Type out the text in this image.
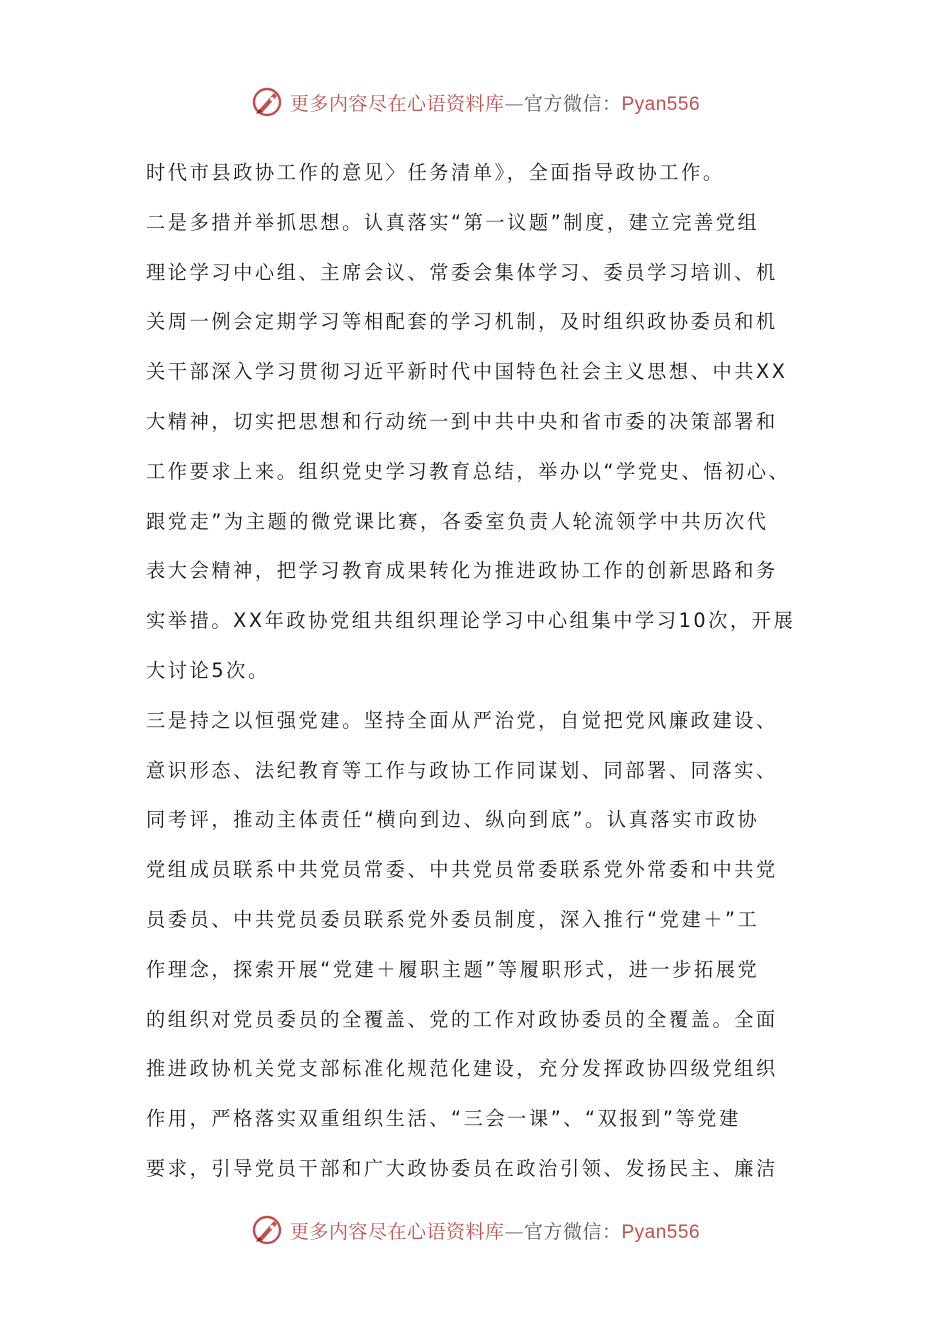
更多内容尽在心语资料库—官方微信：Pyan556
时代市县政协工作的意见〉任务清单》，全面指导政协工作。
二是多措并举抓思想。认真落实“第一议题”制度，建立完善党组
理论学习中心组、主席会议、常委会集体学习、委员学习培训、机
关周一例会定期学习等相配套的学习机制，及时组织政协委员和机
关干部深入学习贯彻习近平新时代中国特色社会主义思想、中共XX
大精神，切实把思想和行动统一到中共中央和省市委的决策部署和
工作要求上来。组织党史学习教育总结，举办以“学党史、悟初心、
跟党走”为主题的微党课比赛，各委室负责人轮流领学中共历次代
表大会精神，把学习教育成果转化为推进政协工作的创新思路和务
实举措。XX年政协党组共组织理论学习中心组集中学习10次，开展
大讨论5次。
三是持之以恒强党建。坚持全面从严治党，自觉把党风廉政建设、
意识形态、法纪教育等工作与政协工作同谋划、同部署、同落实、
同考评，推动主体责任“横向到边、纵向到底”。认真落实市政协
党组成员联系中共党员常委、中共党员常委联系党外常委和中共党
员委员、中共党员委员联系党外委员制度，深入推行“党建＋”工
作理念，探索开展“党建＋履职主题”等履职形式，进一步拓展党
的组织对党员委员的全覆盖、党的工作对政协委员的全覆盖。全面
推进政协机关党支部标准化规范化建设，充分发挥政协四级党组织
作用，严格落实双重组织生活、“三会一课”、“双报到”等党建
要求，引导党员干部和广大政协委员在政治引领、发扬民主、廉洁
更多内容尽在心语资料库—官方微信：Pyan556
